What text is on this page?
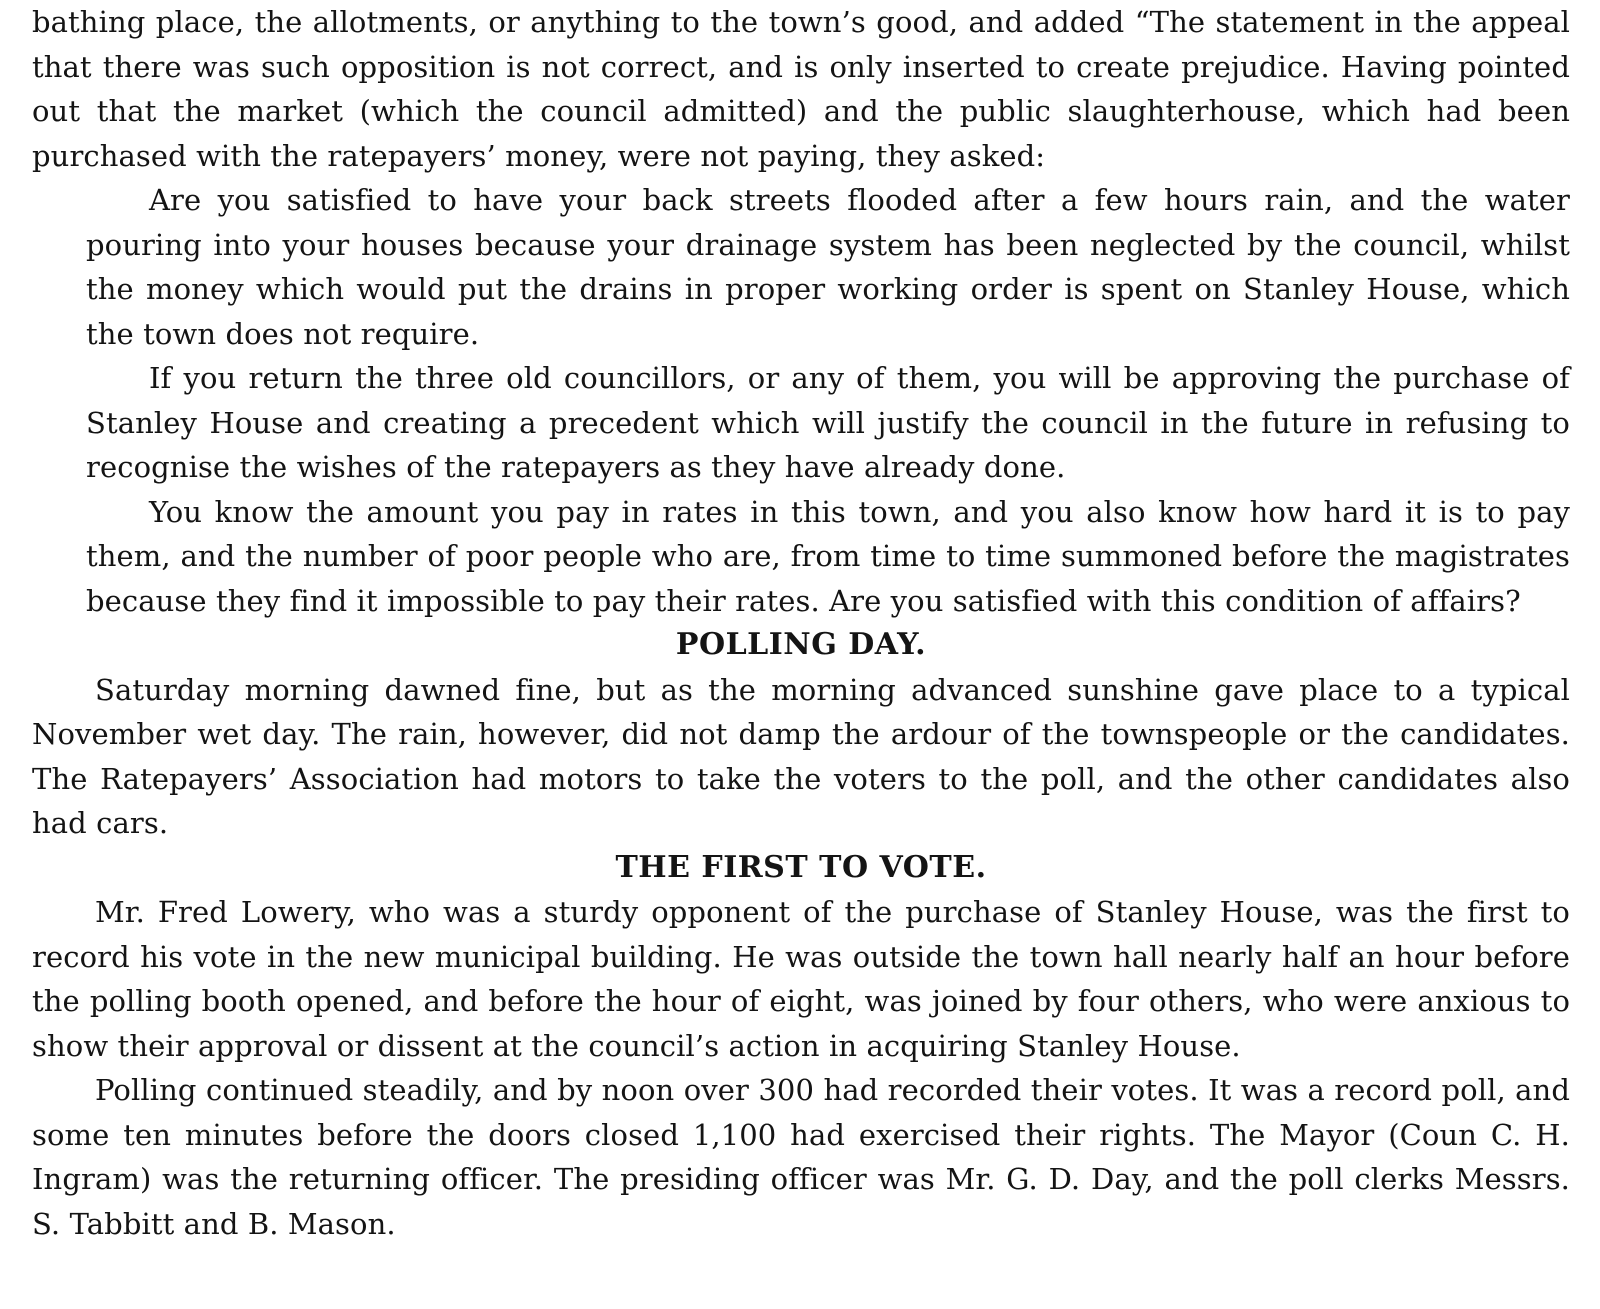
bathing place, the allotments, or anything to the town’s good, and added “The statement in the appeal that there was such opposition is not correct, and is only inserted to create prejudice. Having pointed out that the market (which the council admitted) and the public slaughterhouse, which had been purchased with the ratepayers’ money, were not paying, they asked:

Are you satisfied to have your back streets flooded after a few hours rain, and the water pouring into your houses because your drainage system has been neglected by the council, whilst the money which would put the drains in proper working order is spent on Stanley House, which the town does not require.

If you return the three old councillors, or any of them, you will be approving the purchase of Stanley House and creating a precedent which will justify the council in the future in refusing to recognise the wishes of the ratepayers as they have already done.

You know the amount you pay in rates in this town, and you also know how hard it is to pay them, and the number of poor people who are, from time to time summoned before the magistrates because they find it impossible to pay their rates. Are you satisfied with this condition of affairs?

POLLING DAY.

Saturday morning dawned fine, but as the morning advanced sunshine gave place to a typical November wet day. The rain, however, did not damp the ardour of the townspeople or the candidates. The Ratepayers’ Association had motors to take the voters to the poll, and the other candidates also had cars.

THE FIRST TO VOTE.

Mr. Fred Lowery, who was a sturdy opponent of the purchase of Stanley House, was the first to record his vote in the new municipal building. He was outside the town hall nearly half an hour before the polling booth opened, and before the hour of eight, was joined by four others, who were anxious to show their approval or dissent at the council’s action in acquiring Stanley House.

Polling continued steadily, and by noon over 300 had recorded their votes. It was a record poll, and some ten minutes before the doors closed 1,100 had exercised their rights. The Mayor (Coun C. H. Ingram) was the returning officer. The presiding officer was Mr. G. D. Day, and the poll clerks Messrs. S. Tabbitt and B. Mason.
